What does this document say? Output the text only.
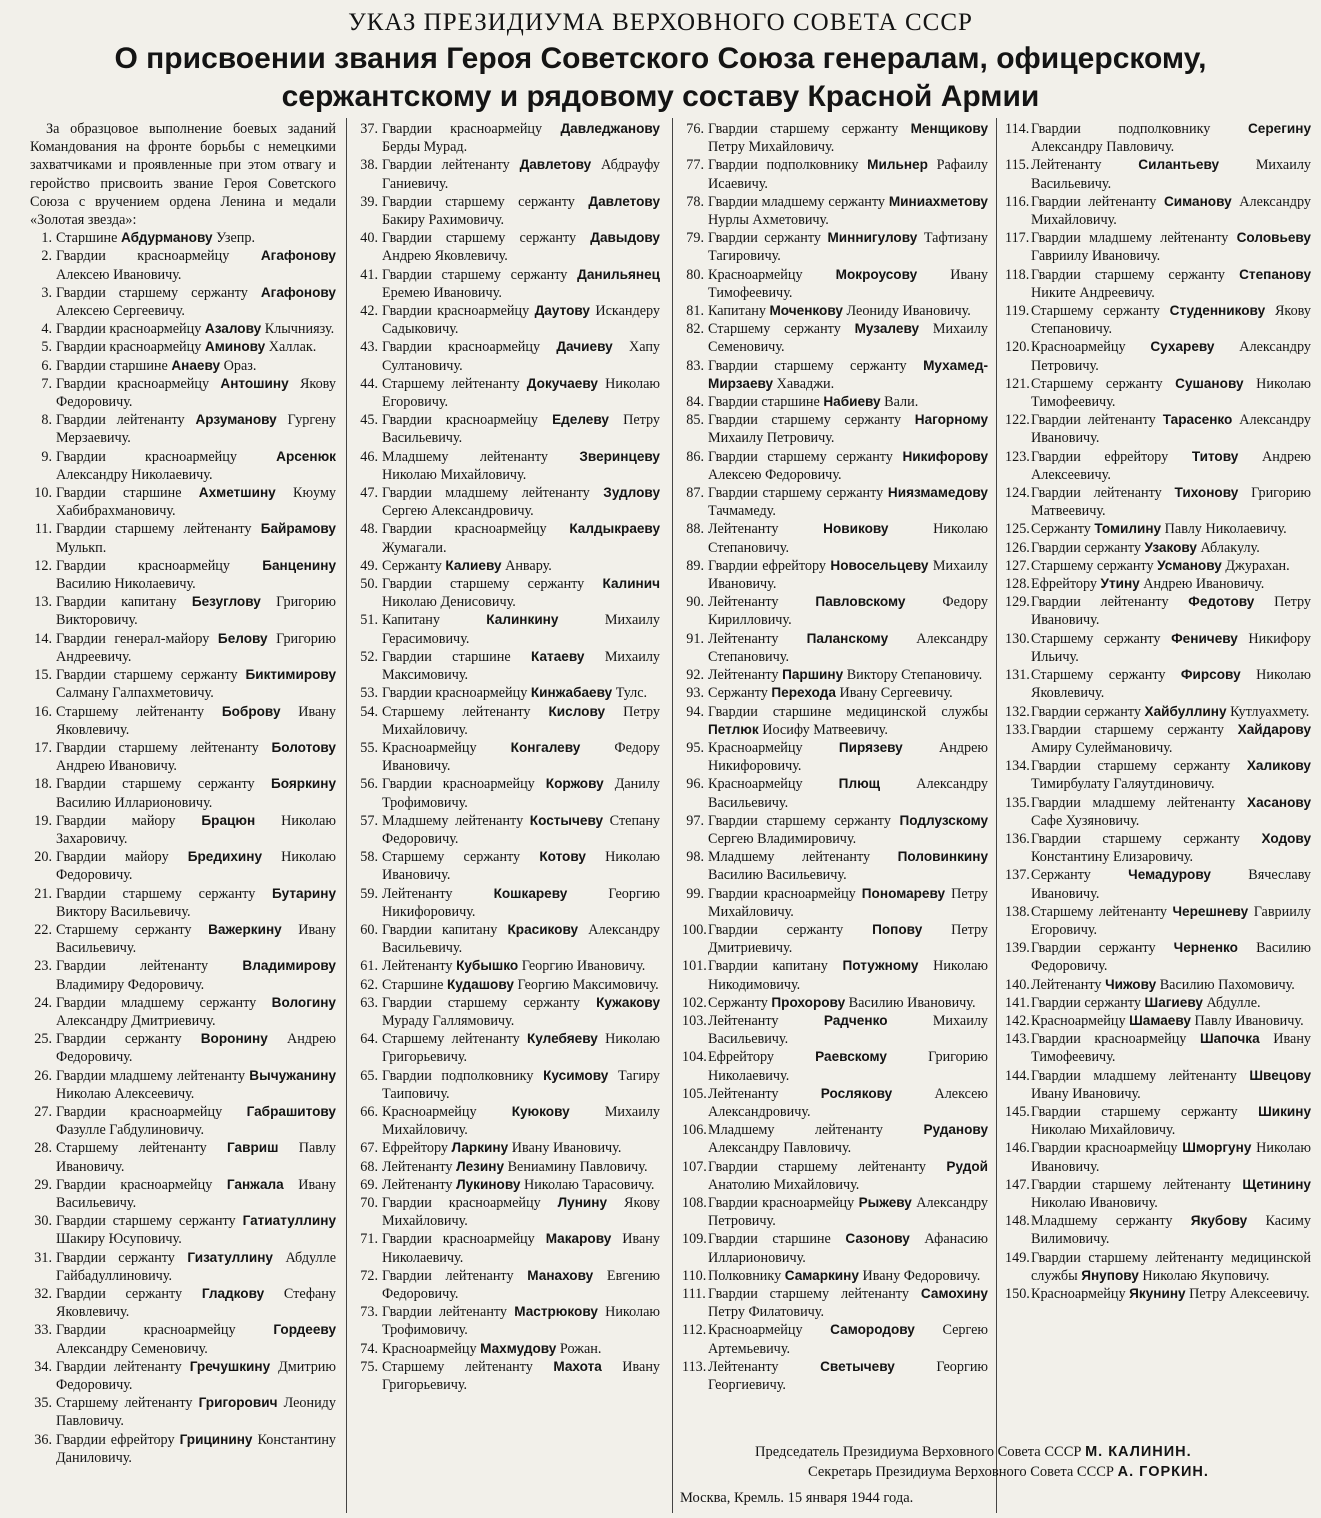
УКАЗ ПРЕЗИДИУМА ВЕРХОВНОГО СОВЕТА СССР

О присвоении звания Героя Советского Союза генералам, офицерскому,

сержантскому и рядовому составу Красной Армии

За образцовое выполнение боевых заданий Командования на фронте борьбы с немецкими захватчиками и проявленные при этом отвагу и геройство присвоить звание Героя Советского Союза с вручением ордена Ленина и медали «Золотая звезда»:

1. Старшине Абдурманову Узепр.

2. Гвардии красноармейцу Агафонову Алексею Ивановичу.

3. Гвардии старшему сержанту Агафонову Алексею Сергеевичу.

4. Гвардии красноармейцу Азалову Клычниязу.

5. Гвардии красноармейцу Аминову Халлак.

6. Гвардии старшине Анаеву Ораз.

7. Гвардии красноармейцу Антошину Якову Федоровичу.

8. Гвардии лейтенанту Арзуманову Гургену Мерзаевичу.

9. Гвардии красноармейцу	Арсенюк Александру Николаевичу.

10. Гвардии старшине Ахметшину Кюуму Хабибрахмановичу.

11. Гвардии старшему лейтенанту Байрамову Мулькп.

12. Гвардии красноармейцу Банценину Василию Николаевичу.

13. Гвардии капитану Безуглову Григорию Викторовичу.

14. Гвардии генерал-майору Белову Григорию Андреевичу.

15. Гвардии старшему сержанту Биктимирову Салману Галпахметовичу.

16. Старшему лейтенанту Боброву Ивану Яковлевичу.

17. Гвардии старшему лейтенанту Болотову Андрею Ивановичу.

18. Гвардии старшему сержанту Бояркину Василию Илларионовичу.

19. Гвардии майору Брацюн Николаю Захаровичу.

20. Гвардии майору Бредихину Николаю Федоровичу.

21. Гвардии старшему сержанту Бутарину Виктору Васильевичу.

22. Старшему сержанту Важеркину Ивану Васильевичу.

23. Гвардии лейтенанту	Владимирову Владимиру Федоровичу.

24. Гвардии младшему сержанту Вологину Александру Дмитриевичу.

25. Гвардии сержанту Воронину Андрею Федоровичу.

26. Гвардии младшему лейтенанту Вычужанину Николаю Алексеевичу.

27. Гвардии красноармейцу Габрашитову Фазулле Габдулиновичу.

28. Старшему лейтенанту Гавриш Павлу Ивановичу.

29. Гвардии красноармейцу Ганжала Ивану Васильевичу.

30. Гвардии старшему сержанту Гатиатуллину Шакиру Юсуповичу.

31. Гвардии сержанту Гизатуллину Абдулле Гайбадуллиновичу.

32. Гвардии сержанту Гладкову Стефану Яковлевичу.

33. Гвардии красноармейцу	Гордееву Александру Семеновичу.

34. Гвардии лейтенанту Гречушкину Дмитрию Федоровичу.

35. Старшему лейтенанту Григорович Леониду Павловичу.

36. Гвардии ефрейтору Грицинину Константину Даниловичу.

37. Гвардии красноармейцу Давледжанову Берды Мурад.

38. Гвардии лейтенанту Давлетову Абдрауфу Ганиевичу.

39. Гвардии старшему сержанту Давлетову Бакиру Рахимовичу.

40. Гвардии старшему сержанту Давыдову Андрею Яковлевичу.

41. Гвардии старшему сержанту Данильянец Еремею Ивановичу.

42. Гвардии красноармейцу Даутову Искандеру Садыковичу.

43. Гвардии красноармейцу Дачиеву Хапу Султановичу.

44. Старшему лейтенанту Докучаеву Николаю Егоровичу.

45. Гвардии красноармейцу Еделеву Петру Васильевичу.

46. Младшему лейтенанту Зверинцеву Николаю Михайловичу.

47. Гвардии младшему лейтенанту Зудлову Сергею Александровичу.

48. Гвардии красноармейцу Калдыкраеву Жумагали.

49. Сержанту Калиеву Анвару.

50. Гвардии старшему сержанту Калинич Николаю Денисовичу.

51. Капитану	Калинкину	Михаилу Герасимовичу.

52. Гвардии старшине Катаеву Михаилу Максимовичу.

53. Гвардии красноармейцу Кинжабаеву Тулс.

54. Старшему лейтенанту Кислову Петру Михайловичу.

55. Красноармейцу	Конгалеву Федору Ивановичу.

56. Гвардии красноармейцу Коржову Данилу Трофимовичу.

57. Младшему лейтенанту Костычеву Степану Федоровичу.

58. Старшему сержанту Котову Николаю Ивановичу.

59. Лейтенанту	Кошкареву	Георгию Никифоровичу.

60. Гвардии капитану Красикову Александру Васильевичу.

61. Лейтенанту Кубышко Георгию Ивановичу.

62. Старшине Кудашову Георгию Максимовичу.

63. Гвардии старшему сержанту Кужакову Мураду Галлямовичу.

64. Старшему лейтенанту Кулебяеву Николаю Григорьевичу.

65. Гвардии подполковнику Кусимову Тагиру Таиповичу.

66. Красноармейцу	Куюкову Михаилу Михайловичу.

67. Ефрейтору Ларкину Ивану Ивановичу.

68. Лейтенанту Лезину Вениамину Павловичу.

69. Лейтенанту Лукинову Николаю Тарасовичу.

70. Гвардии красноармейцу Лунину Якову Михайловичу.

71. Гвардии красноармейцу Макарову Ивану Николаевичу.

72. Гвардии лейтенанту Манахову Евгению Федоровичу.

73. Гвардии лейтенанту Мастрюкову Николаю Трофимовичу.

74. Красноармейцу Махмудову Рожан.

75. Старшему лейтенанту Махота Ивану Григорьевичу.

76. Гвардии старшему сержанту Менщикову Петру Михайловичу.

77. Гвардии подполковнику Мильнер Рафаилу Исаевичу.

78. Гвардии младшему сержанту Миниахметову Нурлы Ахметовичу.

79. Гвардии сержанту Миннигулову Тафтизану Тагировичу.

80. Красноармейцу Мокроусову Ивану Тимофеевичу.

81. Капитану Моченкову Леониду Ивановичу.

82. Старшему сержанту Музалеву Михаилу Семеновичу.

83. Гвардии старшему сержанту Мухамед-Мирзаеву Хаваджи.

84. Гвардии старшине Набиеву Вали.

85. Гвардии старшему сержанту Нагорному Михаилу Петровичу.

86. Гвардии старшему сержанту Никифорову Алексею Федоровичу.

87. Гвардии старшему сержанту Ниязмамедову Тачмамеду.

88. Лейтенанту	Новикову	Николаю Степановичу.

89. Гвардии ефрейтору Новосельцеву Михаилу Ивановичу.

90. Лейтенанту	Павловскому	Федору Кирилловичу.

91. Лейтенанту Паланскому Александру Степановичу.

92. Лейтенанту Паршину Виктору Степановичу.

93. Сержанту Перехода Ивану Сергеевичу.

94. Гвардии старшине медицинской службы Петлюк Иосифу Матвеевичу.

95. Красноармейцу	Пирязеву	Андрею Никифоровичу.

96. Красноармейцу	Плющ	Александру Васильевичу.

97. Гвардии старшему сержанту Подлузскому Сергею Владимировичу.

98. Младшему лейтенанту Половинкину Василию Васильевичу.

99. Гвардии красноармейцу Пономареву Петру Михайловичу.

100.Гвардии сержанту Попову Петру Дмитриевичу.

101.Гвардии капитану Потужному Николаю Никодимовичу.

102.Сержанту Прохорову Василию Ивановичу.

103.Лейтенанту	Радченко	Михаилу Васильевичу.

104.Ефрейтору	Раевскому	Григорию Николаевичу.

105.Лейтенанту	Рослякову	Алексею Александровичу.

106.Младшему лейтенанту	Руданову Александру Павловичу.

107.Гвардии старшему лейтенанту Рудой Анатолию Михайловичу.

108.Гвардии красноармейцу Рыжеву Александру Петровичу.

109.Гвардии старшине Сазонову Афанасию Илларионовичу.

110. Полковнику Самаркину Ивану Федоровичу.

111. Гвардии старшему лейтенанту Самохину Петру Филатовичу.

112. Красноармейцу Самородову Сергею Артемьевичу.

113. Лейтенанту	Светычеву	Георгию Георгиевичу.

114. Гвардии подполковнику	Серегину Александру Павловичу.

115. Лейтенанту	Силантьеву	Михаилу Васильевичу.

116. Гвардии лейтенанту Симанову Александру Михайловичу.

117. Гвардии младшему лейтенанту Соловьеву Гавриилу Ивановичу.

118. Гвардии старшему сержанту Степанову Никите Андреевичу.

119. Старшему сержанту Студенникову Якову Степановичу.

120.Красноармейцу Сухареву Александру Петровичу.

121.Старшему сержанту Сушанову Николаю Тимофеевичу.

122.Гвардии лейтенанту Тарасенко Александру Ивановичу.

123.Гвардии ефрейтору Титову Андрею Алексеевичу.

124.Гвардии лейтенанту Тихонову Григорию Матвеевичу.

125.Сержанту Томилину Павлу Николаевичу.

126.Гвардии сержанту Узакову Аблакулу.

127.Старшему сержанту Усманову Джурахан.

128.Ефрейтору Утину Андрею Ивановичу.

129.Гвардии лейтенанту Федотову Петру Ивановичу.

130.Старшему сержанту Феничеву Никифору Ильичу.

131.Старшему сержанту Фирсову Николаю Яковлевичу.

132.Гвардии сержанту Хайбуллину Кутлуахмету.

133.Гвардии старшему сержанту Хайдарову Амиру Сулеймановичу.

134.Гвардии старшему сержанту Халикову Тимирбулату Галяутдиновичу.

135.Гвардии младшему лейтенанту Хасанову Сафе Хузяновичу.

136.Гвардии старшему сержанту Ходову Константину Елизаровичу.

137.Сержанту	Чемадурову	Вячеславу Ивановичу.

138.Старшему лейтенанту Черешневу Гавриилу Егоровичу.

139.Гвардии сержанту Черненко Василию Федоровичу.

140.Лейтенанту Чижову Василию Пахомовичу.

141.Гвардии сержанту Шагиеву Абдулле.

142.Красноармейцу Шамаеву Павлу Ивановичу.

143.Гвардии красноармейцу Шапочка Ивану Тимофеевичу.

144.Гвардии младшему лейтенанту Швецову Ивану Ивановичу.

145.Гвардии старшему сержанту Шикину Николаю Михайловичу.

146.Гвардии красноармейцу Шморгуну Николаю Ивановичу.

147.Гвардии старшему лейтенанту Щетинину Николаю Ивановичу.

148.Младшему сержанту Якубову Касиму Вилимовичу.

149.Гвардии старшему лейтенанту медицинской службы Янупову Николаю Якуповичу.

150.Красноармейцу Якунину Петру Алексеевичу.

Председатель Президиума Верховного Совета СССР М. КАЛИНИН.
Секретарь Президиума Верховного Совета СССР А. ГОРКИН.
Москва, Кремль. 15 января 1944 года.
